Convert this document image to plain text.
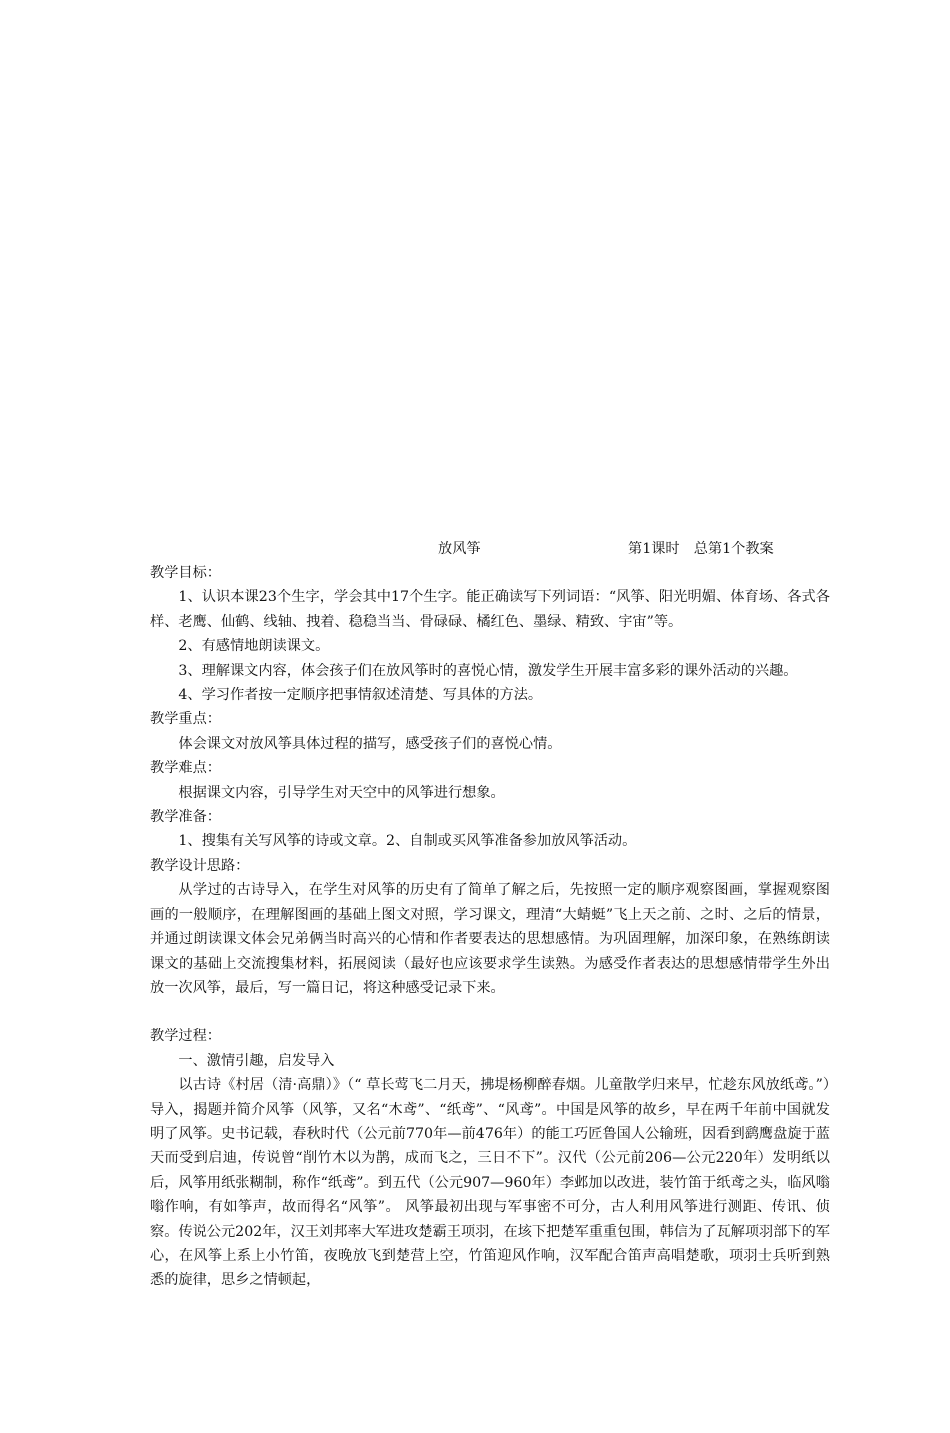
放风筝	第1课时　总第1个教案
教学目标：

1、认识本课23个生字，学会其中17个生字。能正确读写下列词语：“风筝、阳光明媚、体育场、各式各样、老鹰、仙鹤、线轴、拽着、稳稳当当、骨碌碌、橘红色、墨绿、精致、宇宙”等。

2、有感情地朗读课文。

3、理解课文内容，体会孩子们在放风筝时的喜悦心情，激发学生开展丰富多彩的课外活动的兴趣。

4、学习作者按一定顺序把事情叙述清楚、写具体的方法。

教学重点：

体会课文对放风筝具体过程的描写，感受孩子们的喜悦心情。

教学难点：

根据课文内容，引导学生对天空中的风筝进行想象。

教学准备：

1、搜集有关写风筝的诗或文章。2、自制或买风筝准备参加放风筝活动。

教学设计思路：

从学过的古诗导入，在学生对风筝的历史有了简单了解之后，先按照一定的顺序观察图画，掌握观察图画的一般顺序，在理解图画的基础上图文对照，学习课文，理清“大蜻蜓”飞上天之前、之时、之后的情景，并通过朗读课文体会兄弟俩当时高兴的心情和作者要表达的思想感情。为巩固理解，加深印象，在熟练朗读课文的基础上交流搜集材料，拓展阅读（最好也应该要求学生读熟。为感受作者表达的思想感情带学生外出放一次风筝，最后，写一篇日记，将这种感受记录下来。

教学过程：

一、激情引趣，启发导入

以古诗《村居（清·高鼎）》（“ 草长莺飞二月天，拂堤杨柳醉春烟。儿童散学归来早，忙趁东风放纸鸢。”）导入，揭题并简介风筝（风筝，又名“木鸢”、“纸鸢”、“风鸢”。中国是风筝的故乡，早在两千年前中国就发明了风筝。史书记载，春秋时代（公元前770年—前476年）的能工巧匠鲁国人公输班，因看到鹞鹰盘旋于蓝天而受到启迪，传说曾“削竹木以为鹊，成而飞之，三日不下”。汉代（公元前206—公元220年）发明纸以后，风筝用纸张糊制，称作“纸鸢”。到五代（公元907—960年）李邺加以改进，装竹笛于纸鸢之头，临风嗡嗡作响，有如筝声，故而得名“风筝”。 风筝最初出现与军事密不可分，古人利用风筝进行测距、传讯、侦察。传说公元202年，汉王刘邦率大军进攻楚霸王项羽，在垓下把楚军重重包围，韩信为了瓦解项羽部下的军心，在风筝上系上小竹笛，夜晚放飞到楚营上空，竹笛迎风作响，汉军配合笛声高唱楚歌，项羽士兵听到熟悉的旋律，思乡之情顿起，
